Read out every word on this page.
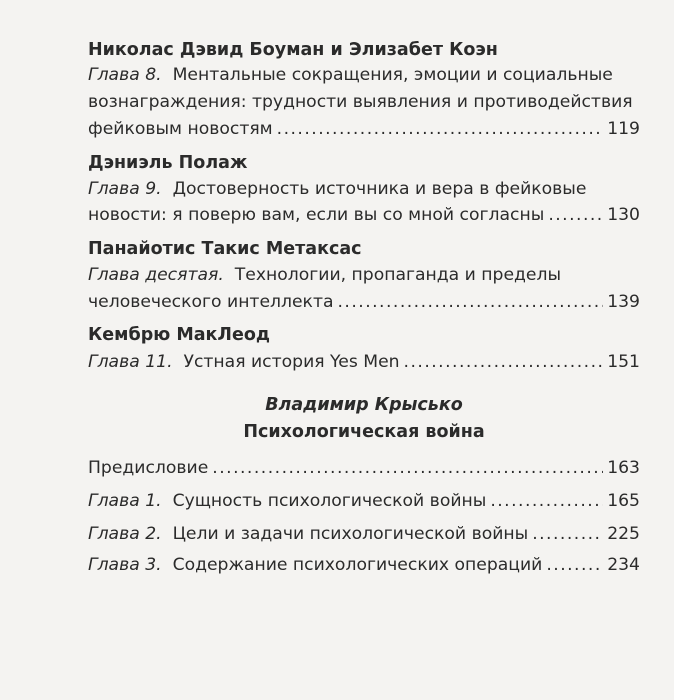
Николас Дэвид Боуман и Элизабет Коэн
Глава 8. Ментальные сокращения, эмоции и социальные
вознаграждения: трудности выявления и противодействия
фейковым новостям . . .	119
Дэниэль Полаж
Глава 9. Достоверность источника и вера в фейковые
новости: я поверю вам, если вы со мной согласны . . .	130
Панайотис Такис Метаксас
Глава десятая. Технологии, пропаганда и пределы
человеческого интеллекта . . .	139
Кембрю МакЛеод
Глава 11. Устная история Yes Men . . .	151
Владимир Крысько
Психологическая война
Предисловие . . .	163
Глава 1. Сущность психологической войны . . .	165
Глава 2. Цели и задачи психологической войны . . .	225
Глава 3. Содержание психологических операций . . .	234
